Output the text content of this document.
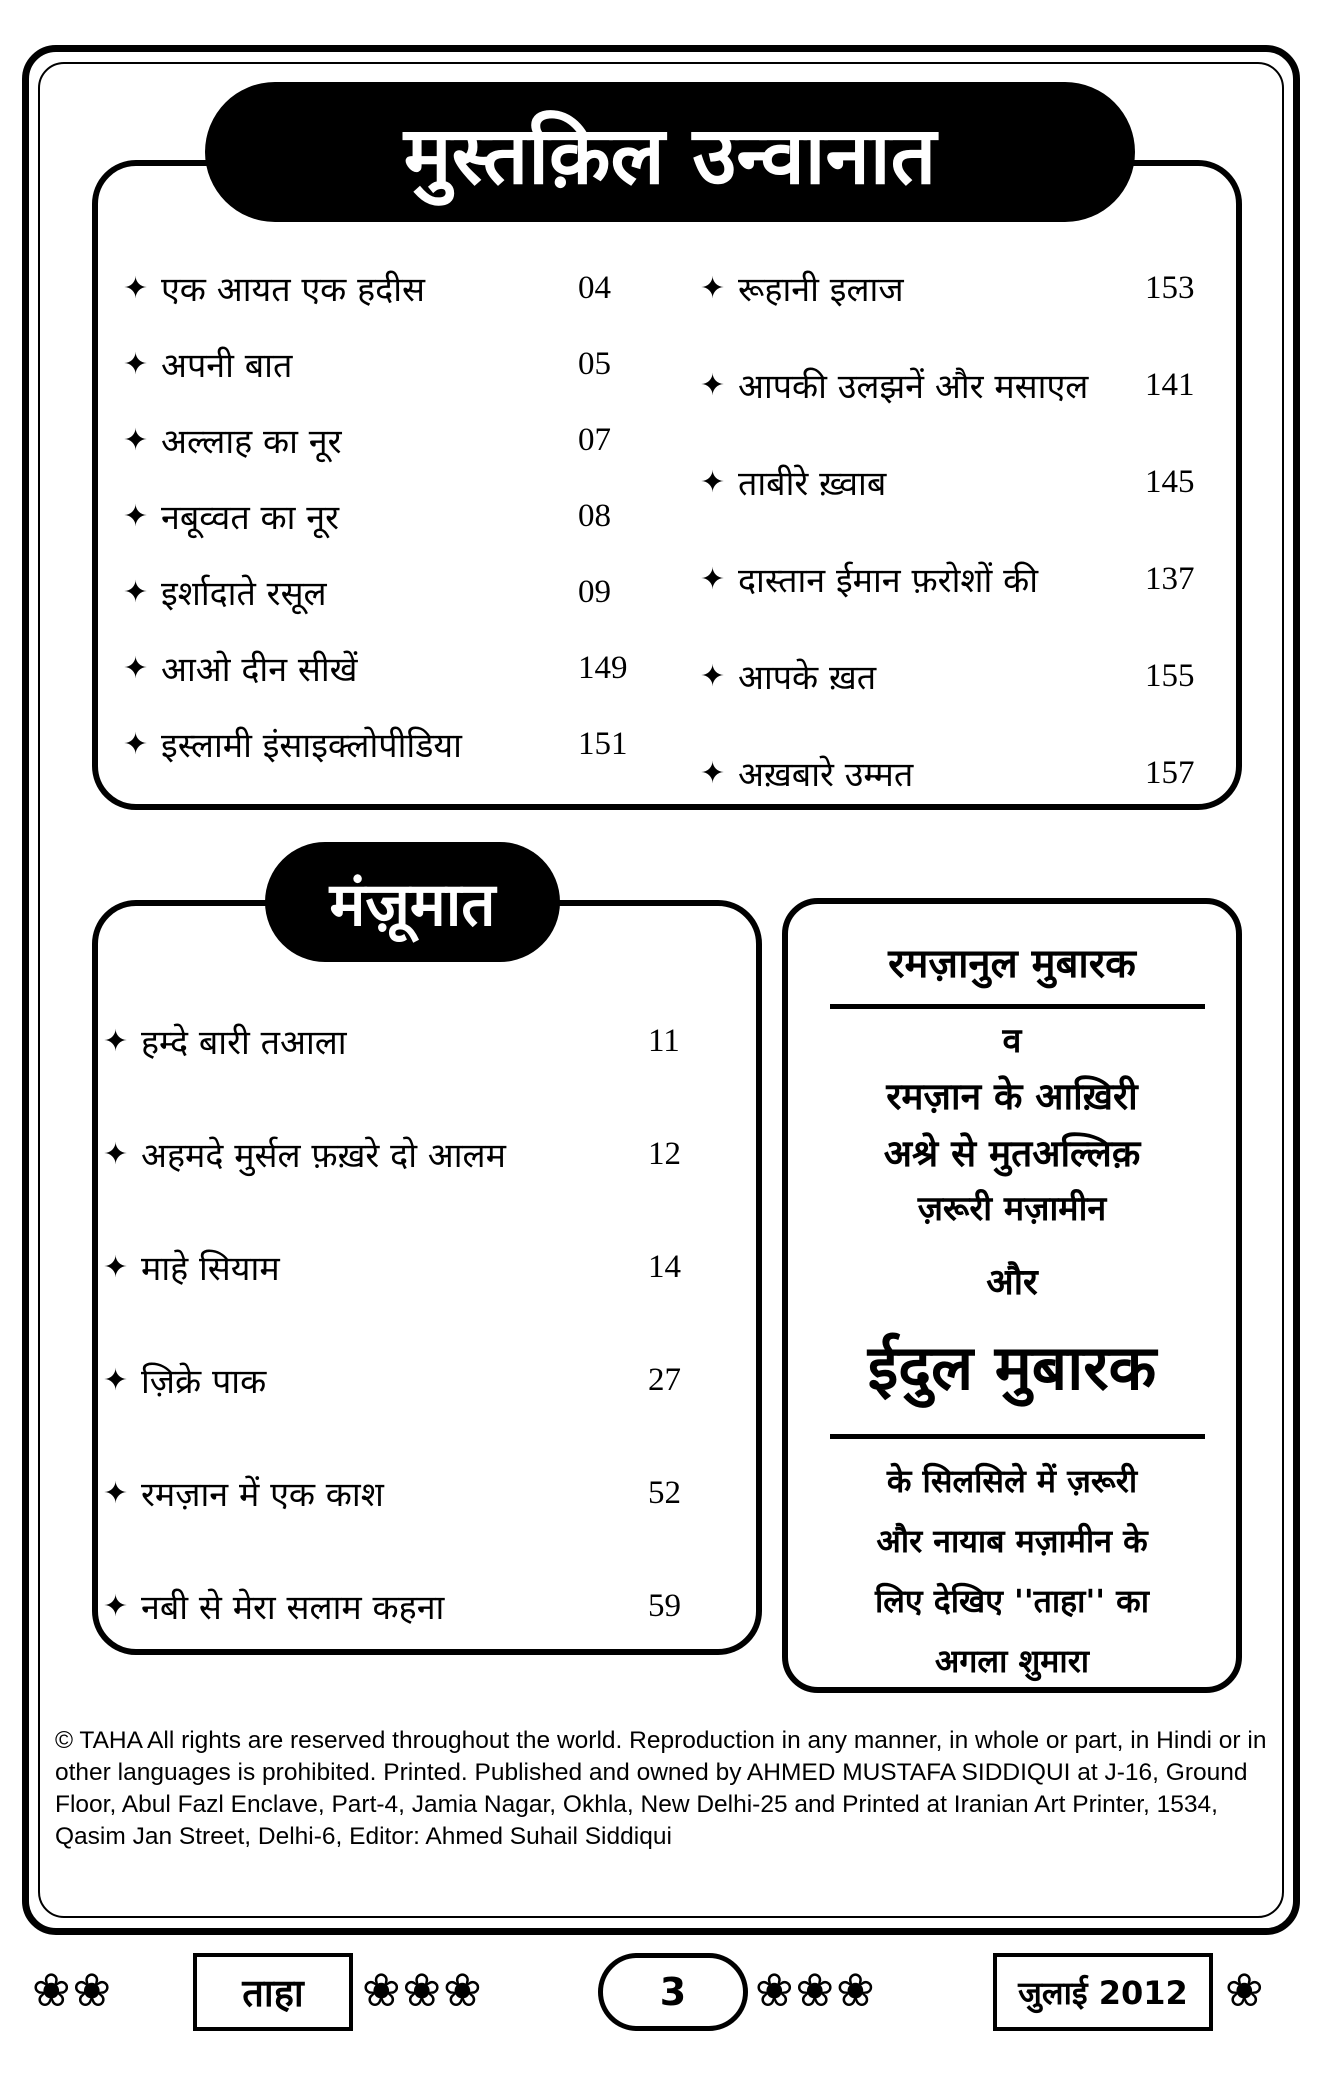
मुस्तक़िल उन्वानात
✦ एक आयत एक हदीस	04
✦ अपनी बात	05
✦ अल्लाह का नूर	07
✦ नबूव्वत का नूर	08
✦ इर्शादाते रसूल	09
✦ आओ दीन सीखें	149
✦ इस्लामी इंसाइक्लोपीडिया	151
✦ रूहानी इलाज	153
✦ आपकी उलझनें और मसाएल 141
✦ ताबीरे ख़्वाब	145
✦ दास्तान ईमान फ़रोशों की	137
✦ आपके ख़त	155
✦ अख़बारे उम्मत	157
मंज़ूमात
✦ हम्दे बारी तआला	11
✦ अहमदे मुर्सल फ़ख़रे दो आलम	12
✦ माहे सियाम	14
✦ ज़िक्रे पाक	27
✦ रमज़ान में एक काश	52
✦ नबी से मेरा सलाम कहना	59
रमज़ानुल मुबारक
व
रमज़ान के आख़िरी
अश्रे से मुतअल्लिक़
ज़रूरी मज़ामीन
और
ईदुल मुबारक
के सिलसिले में ज़रूरी
और नायाब मज़ामीन के
लिए देखिए ''ताहा'' का
अगला शुमारा
© TAHA All rights are reserved throughout the world. Reproduction in any manner, in whole or part, in Hindi or in other languages is prohibited. Printed. Published and owned by AHMED MUSTAFA SIDDIQUI at J-16, Ground Floor, Abul Fazl Enclave, Part-4, Jamia Nagar, Okhla, New Delhi-25 and Printed at Iranian Art Printer, 1534, Qasim Jan Street, Delhi-6, Editor: Ahmed Suhail Siddiqui
❀❀	ताहा ❀❀❀	3 ❀❀❀	जुलाई 2012 ❀
